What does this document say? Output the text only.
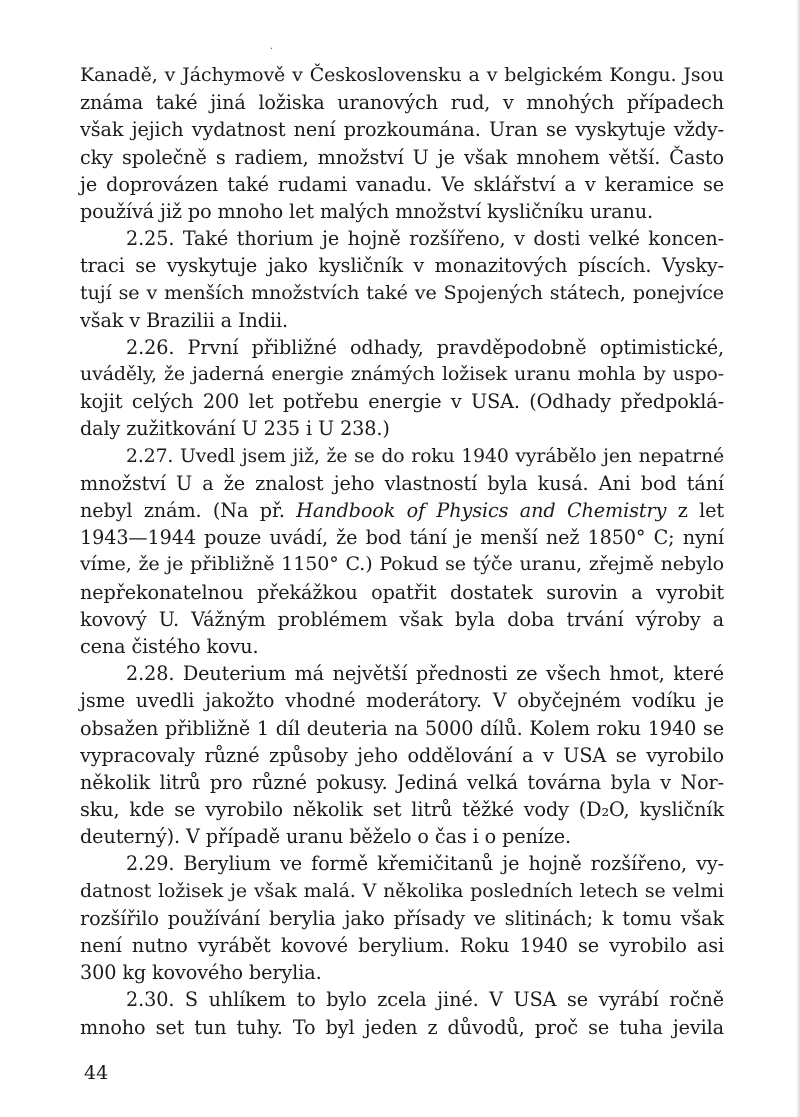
·
Kanadě, v Jáchymově v Československu a v belgickém Kongu. Jsou
známa také jiná ložiska uranových rud, v mnohých případech
však jejich vydatnost není prozkoumána. Uran se vyskytuje vždy-
cky společně s radiem, množství U je však mnohem větší. Často
je doprovázen také rudami vanadu. Ve sklářství a v keramice se
používá již po mnoho let malých množství kysličníku uranu.
2.25. Také thorium je hojně rozšířeno, v dosti velké koncen-
traci se vyskytuje jako kysličník v monazitových píscích. Vysky-
tují se v menších množstvích také ve Spojených státech, ponejvíce
však v Brazilii a Indii.
2.26. První přibližné odhady, pravděpodobně optimistické,
uváděly, že jaderná energie známých ložisek uranu mohla by uspo-
kojit celých 200 let potřebu energie v USA. (Odhady předpoklá-
daly zužitkování U 235 i U 238.)
2.27. Uvedl jsem již, že se do roku 1940 vyrábělo jen nepatrné
množství U a že znalost jeho vlastností byla kusá. Ani bod tání
nebyl znám. (Na př. Handbook of Physics and Chemistry z let
1943—1944 pouze uvádí, že bod tání je menší než 1850° C; nyní
víme, že je přibližně 1150° C.) Pokud se týče uranu, zřejmě nebylo
nepřekonatelnou překážkou opatřit dostatek surovin a vyrobit
kovový U. Vážným problémem však byla doba trvání výroby a
cena čistého kovu.
2.28. Deuterium má největší přednosti ze všech hmot, které
jsme uvedli jakožto vhodné moderátory. V obyčejném vodíku je
obsažen přibližně 1 díl deuteria na 5000 dílů. Kolem roku 1940 se
vypracovaly různé způsoby jeho oddělování a v USA se vyrobilo
několik litrů pro různé pokusy. Jediná velká továrna byla v Nor-
sku, kde se vyrobilo několik set litrů těžké vody (D₂O, kysličník
deuterný). V případě uranu běželo o čas i o peníze.
2.29. Berylium ve formě křemičitanů je hojně rozšířeno, vy-
datnost ložisek je však malá. V několika posledních letech se velmi
rozšířilo používání berylia jako přísady ve slitinách; k tomu však
není nutno vyrábět kovové berylium. Roku 1940 se vyrobilo asi
300 kg kovového berylia.
2.30. S uhlíkem to bylo zcela jiné. V USA se vyrábí ročně
mnoho set tun tuhy. To byl jeden z důvodů, proč se tuha jevila
44
